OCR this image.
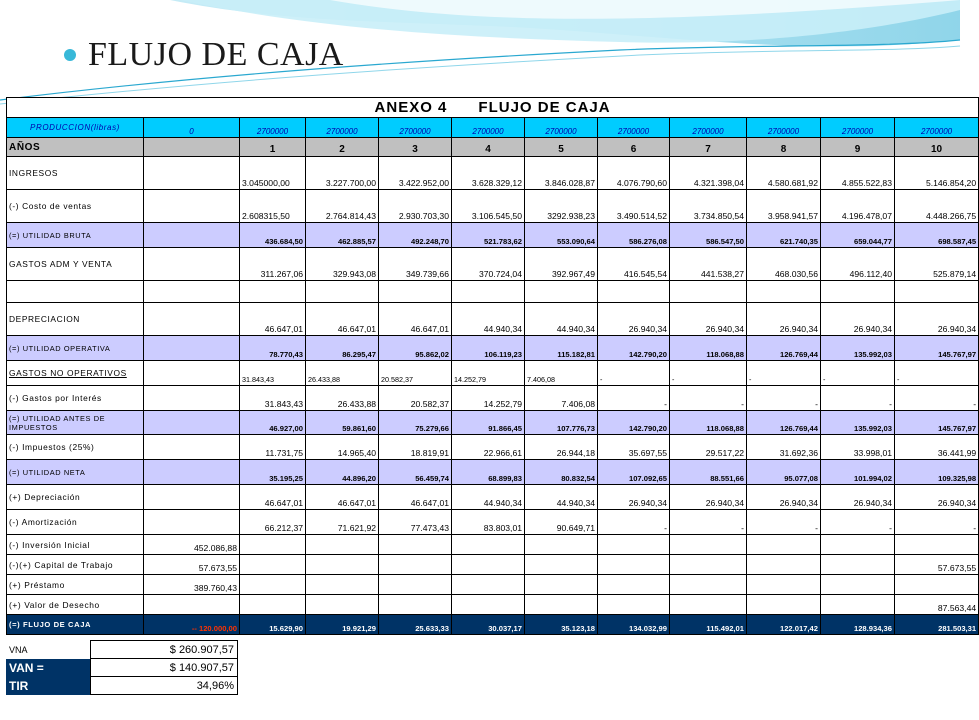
FLUJO DE CAJA
ANEXO 4 FLUJO DE CAJA											
PRODUCCION(libras)	0	2700000	2700000	2700000	2700000	2700000	2700000	2700000	2700000	2700000	2700000
AÑOS		1	2	3	4	5	6	7	8	9	10
INGRESOS		3.045000,00	3.227.700,00	3.422.952,00	3.628.329,12	3.846.028,87	4.076.790,60	4.321.398,04	4.580.681,92	4.855.522,83	5.146.854,20
(-) Costo de ventas		2.608315,50	2.764.814,43	2.930.703,30	3.106.545,50	3292.938,23	3.490.514,52	3.734.850,54	3.958.941,57	4.196.478,07	4.448.266,75
(=) UTILIDAD BRUTA		436.684,50	462.885,57	492.248,70	521.783,62	553.090,64	586.276,08	586.547,50	621.740,35	659.044,77	698.587,45
GASTOS ADM Y VENTA		311.267,06	329.943,08	349.739,66	370.724,04	392.967,49	416.545,54	441.538,27	468.030,56	496.112,40	525.879,14

DEPRECIACION		46.647,01	46.647,01	46.647,01	44.940,34	44.940,34	26.940,34	26.940,34	26.940,34	26.940,34	26.940,34
(=) UTILIDAD OPERATIVA		78.770,43	86.295,47	95.862,02	106.119,23	115.182,81	142.790,20	118.068,88	126.769,44	135.992,03	145.767,97
GASTOS NO OPERATIVOS		31.843,43	26.433,88	20.582,37	14.252,79	7.406,08	-	-	-	-	-
(-) Gastos por Interés		31.843,43	26.433,88	20.582,37	14.252,79	7.406,08	-	-	-	-	-
(=) UTILIDAD ANTES DE IMPUESTOS		46.927,00	59.861,60	75.279,66	91.866,45	107.776,73	142.790,20	118.068,88	126.769,44	135.992,03	145.767,97
(-) Impuestos (25%)		11.731,75	14.965,40	18.819,91	22.966,61	26.944,18	35.697,55	29.517,22	31.692,36	33.998,01	36.441,99
(=) UTILIDAD NETA		35.195,25	44.896,20	56.459,74	68.899,83	80.832,54	107.092,65	88.551,66	95.077,08	101.994,02	109.325,98
(+) Depreciación		46.647,01	46.647,01	46.647,01	44.940,34	44.940,34	26.940,34	26.940,34	26.940,34	26.940,34	26.940,34
(-) Amortización		66.212,37	71.621,92	77.473,43	83.803,01	90.649,71	-	-	-	-	-
(-) Inversión Inicial	452.086,88										
(-)(+) Capital de Trabajo	57.673,55										57.673,55
(+) Préstamo	389.760,43										
(+) Valor de Desecho											87.563,44
(=) FLUJO DE CAJA	-- 120.000,00	15.629,90	19.921,29	25.633,33	30.037,17	35.123,18	134.032,99	115.492,01	122.017,42	128.934,36	281.503,31
VNA	$ 260.907,57
VAN =	$ 140.907,57
TIR	34,96%
